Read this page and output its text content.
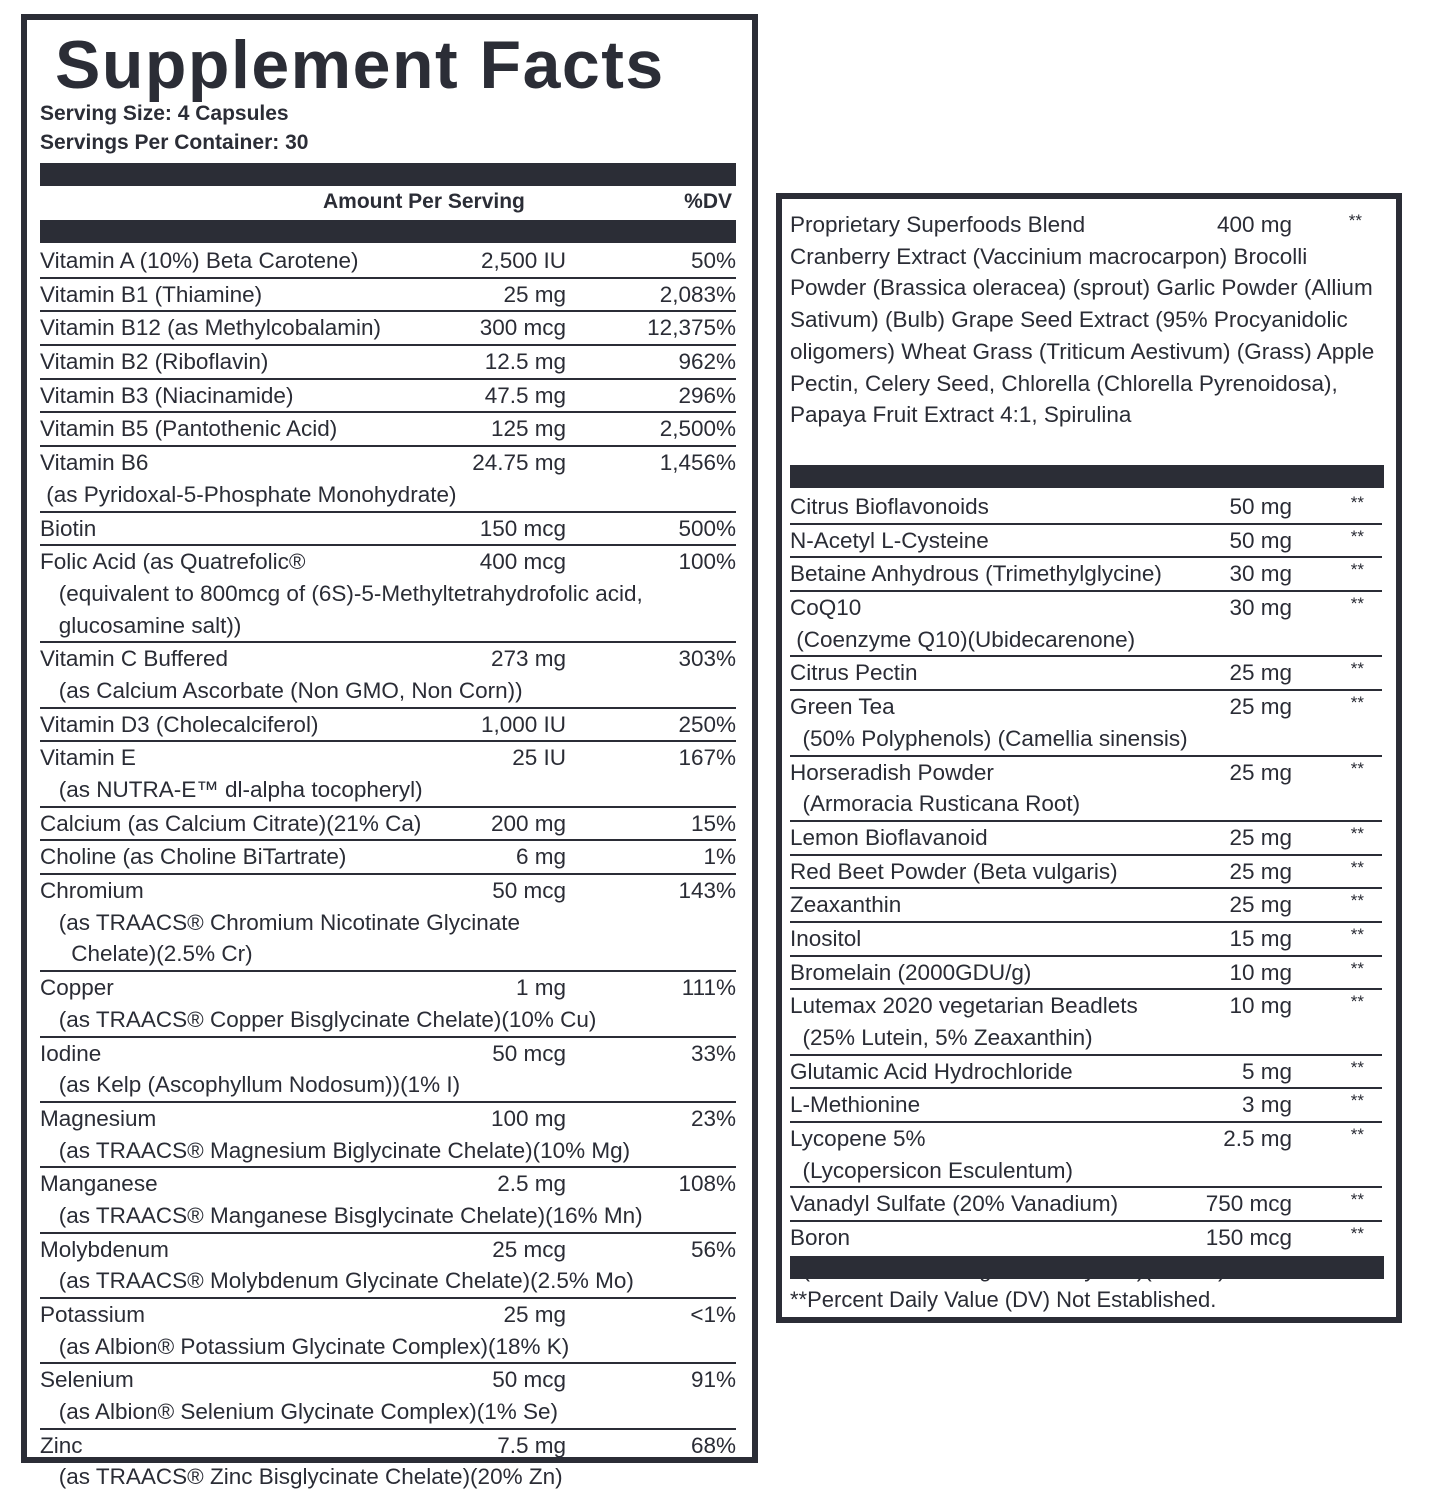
Supplement Facts
Serving Size: 4 Capsules
Servings Per Container: 30
Amount Per Serving	%DV
Vitamin A (10%) Beta Carotene)	2,500 IU	50%
Vitamin B1 (Thiamine)	25 mg	2,083%
Vitamin B12 (as Methylcobalamin)	300 mcg	12,375%
Vitamin B2 (Riboflavin)	12.5 mg	962%
Vitamin B3 (Niacinamide)	47.5 mg	296%
Vitamin B5 (Pantothenic Acid)	125 mg	2,500%
Vitamin B6	24.75 mg	1,456%
(as Pyridoxal-5-Phosphate Monohydrate)
Biotin	150 mcg	500%
Folic Acid (as Quatrefolic®	400 mcg	100%
(equivalent to 800mcg of (6S)-5-Methyltetrahydrofolic acid,
glucosamine salt))
Vitamin C Buffered	273 mg	303%
(as Calcium Ascorbate (Non GMO, Non Corn))
Vitamin D3 (Cholecalciferol)	1,000 IU	250%
Vitamin E	25 IU	167%
(as NUTRA-E™ dl-alpha tocopheryl)
Calcium (as Calcium Citrate)(21% Ca)	200 mg	15%
Choline (as Choline BiTartrate)	6 mg	1%
Chromium	50 mcg	143%
(as TRAACS® Chromium Nicotinate Glycinate
Chelate)(2.5% Cr)
Copper	1 mg	111%
(as TRAACS® Copper Bisglycinate Chelate)(10% Cu)
Iodine	50 mcg	33%
(as Kelp (Ascophyllum Nodosum))(1% I)
Magnesium	100 mg	23%
(as TRAACS® Magnesium Biglycinate Chelate)(10% Mg)
Manganese	2.5 mg	108%
(as TRAACS® Manganese Bisglycinate Chelate)(16% Mn)
Molybdenum	25 mcg	56%
(as TRAACS® Molybdenum Glycinate Chelate)(2.5% Mo)
Potassium	25 mg	<1%
(as Albion® Potassium Glycinate Complex)(18% K)
Selenium	50 mcg	91%
(as Albion® Selenium Glycinate Complex)(1% Se)
Zinc	7.5 mg	68%
(as TRAACS® Zinc Bisglycinate Chelate)(20% Zn)
Proprietary Superfoods Blend	400 mg	**
Cranberry Extract (Vaccinium macrocarpon) Brocolli Powder (Brassica oleracea) (sprout) Garlic Powder (Allium Sativum) (Bulb) Grape Seed Extract (95% Procyanidolic oligomers) Wheat Grass (Triticum Aestivum) (Grass) Apple Pectin, Celery Seed, Chlorella (Chlorella Pyrenoidosa), Papaya Fruit Extract 4:1, Spirulina
Citrus Bioflavonoids	50 mg	**
N-Acetyl L-Cysteine	50 mg	**
Betaine Anhydrous (Trimethylglycine)	30 mg	**
CoQ10	30 mg	**
(Coenzyme Q10)(Ubidecarenone)
Citrus Pectin	25 mg	**
Green Tea	25 mg	**
(50% Polyphenols) (Camellia sinensis)
Horseradish Powder	25 mg	**
(Armoracia Rusticana Root)
Lemon Bioflavanoid	25 mg	**
Red Beet Powder (Beta vulgaris)	25 mg	**
Zeaxanthin	25 mg	**
Inositol	15 mg	**
Bromelain (2000GDU/g)	10 mg	**
Lutemax 2020 vegetarian Beadlets	10 mg	**
(25% Lutein, 5% Zeaxanthin)
Glutamic Acid Hydrochloride	5 mg	**
L-Methionine	3 mg	**
Lycopene 5%	2.5 mg	**
(Lycopersicon Esculentum)
Vanadyl Sulfate (20% Vanadium)	750 mcg	**
Boron	150 mcg	**
**Percent Daily Value (DV) Not Established.
